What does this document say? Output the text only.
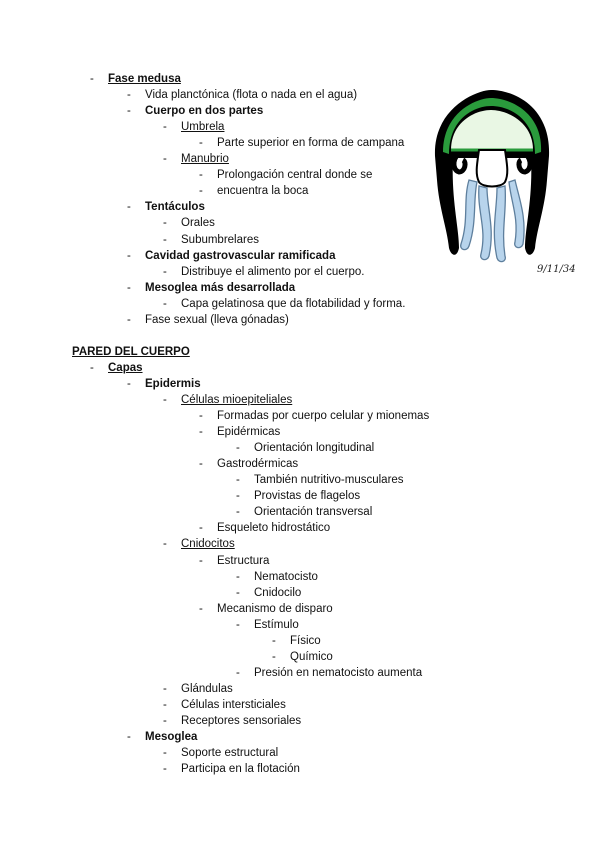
- Fase medusa
- Vida planctónica (flota o nada en el agua)
- Cuerpo en dos partes
- Umbrela
- Parte superior en forma de campana
- Manubrio
- Prolongación central donde se
- encuentra la boca
- Tentáculos
- Orales
- Subumbrelares
- Cavidad gastrovascular ramificada
- Distribuye el alimento por el cuerpo.
- Mesoglea más desarrollada
- Capa gelatinosa que da flotabilidad y forma.
- Fase sexual (lleva gónadas)
PARED DEL CUERPO
- Capas
- Epidermis
- Células mioepiteliales
- Formadas por cuerpo celular y mionemas
- Epidérmicas
- Orientación longitudinal
- Gastrodérmicas
- También nutritivo-musculares
- Provistas de flagelos
- Orientación transversal
- Esqueleto hidrostático
- Cnidocitos
- Estructura
- Nematocisto
- Cnidocilo
- Mecanismo de disparo
- Estímulo
- Físico
- Químico
- Presión en nematocisto aumenta
- Glándulas
- Células intersticiales
- Receptores sensoriales
- Mesoglea
- Soporte estructural
- Participa en la flotación
9/11/34
